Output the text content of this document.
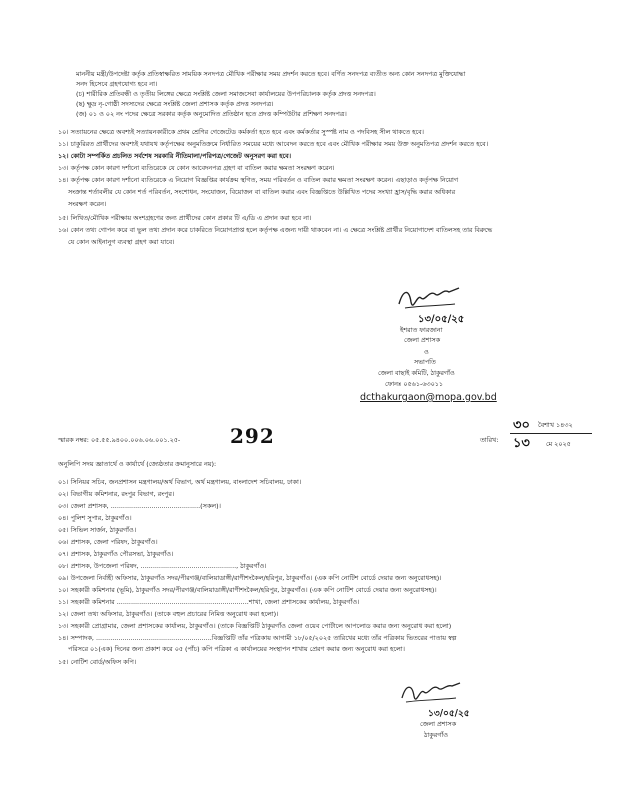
মাননীয় মন্ত্রী/উপদেষ্টা কর্তৃক প্রতিস্বাক্ষরিত সাময়িক সনদপত্র মৌখিক পরীক্ষার সময় প্রদর্শন করতে হবে। বর্ণিত সনদপত্র ব্যতীত অন্য কোন সনদপত্র মুক্তিযোদ্ধা
সনদ হিসেবে গ্রহণযোগ্য হবে না।
(চ) শারীরিক প্রতিবন্ধী ও তৃতীয় লিঙ্গের ক্ষেত্রে সংশ্লিষ্ট জেলা সমাজসেবা কার্যালয়ের উপপরিচালক কর্তৃক প্রদত্ত সনদপত্র।
(ছ) ক্ষুদ্র নৃ-গোষ্ঠী সদস্যদের ক্ষেত্রে সংশ্লিষ্ট জেলা প্রশাসক কর্তৃক প্রদত্ত সনদপত্র।
(জ) ০১ ও ০২ নং পদের ক্ষেত্রে সরকার কর্তৃক অনুমোদিত প্রতিষ্ঠান হতে প্রদত্ত কম্পিউটার প্রশিক্ষণ সনদপত্র।
১০। সত্যায়নের ক্ষেত্রে অবশ্যই সত্যায়নকারীকে প্রথম শ্রেণির গেজেটেড কর্মকর্তা হতে হবে এবং কর্মকর্তার সুস্পষ্ট নাম ও পদবিসহ সীল থাকতে হবে।
১১। চাকুরিরত প্রার্থীদের অবশ্যই যথাযথ কর্তৃপক্ষের অনুমতিক্রমে নির্ধারিত সময়ের মধ্যে আবেদন করতে হবে এবং মৌখিক পরীক্ষার সময় উক্ত অনুমতিপত্র প্রদর্শন করতে হবে।
১২। কোটা সম্পর্কিত প্রচলিত সর্বশেষ সরকারি নীতিমালা/পরিপত্র/গেজেট অনুসরণ করা হবে।
১৩। কর্তৃপক্ষ কোন কারণ দর্শানো ব্যতিরেকে যে কোন আবেদনপত্র গ্রহণ বা বাতিল করার ক্ষমতা সংরক্ষণ করেন।
১৪। কর্তৃপক্ষ কোন কারণ দর্শানো ব্যতিরেকে এ নিয়োগ বিজ্ঞপ্তির কার্যক্রম স্থগিত, সময় পরিবর্তন ও বাতিল করার ক্ষমতা সংরক্ষণ করেন। এছাড়াও কর্তৃপক্ষ নিয়োগ
সংক্রান্ত শর্তাবলীর যে কোন শর্ত পরিবর্তন, সংশোধন, সংযোজন, বিয়োজন বা বাতিল করার এবং বিজ্ঞপ্তিতে উল্লিখিত পদের সংখ্যা হ্রাস/বৃদ্ধি করার অধিকার
সংরক্ষণ করেন।
১৫। লিখিত/মৌখিক পরীক্ষায় অংশগ্রহণের জন্য প্রার্থীদের কোন প্রকার টি এ/ডি এ প্রদান করা হবে না।
১৬। কোন তথ্য গোপন করে বা ভুল তথ্য প্রদান করে চাকরিতে নিয়োগপ্রাপ্ত হলে কর্তৃপক্ষ এজন্য দায়ী থাকবেন না। এ ক্ষেত্রে সংশ্লিষ্ট প্রার্থীর নিয়োগাদেশ বাতিলসহ তার বিরুদ্ধে
যে কোন আইনানুগ ব্যবস্থা গ্রহণ করা যাবে।
১৩/০৫/২৫
ইশরাত ফারজানা
জেলা প্রশাসক
ও
সভাপতি
জেলা বাছাই কমিটি, ঠাকুরগাঁও
ফোনঃ ০৫৬১-৬৩০১১
dcthakurgaon@mopa.gov.bd
স্মারক নম্বর: ০৫.৫৫.৯৪০০.০০৬.০৬.০০১.২৫- 292	তারিখ:
৩০ বৈশাখ ১৪৩২
১৩	মে ২০২৫
অনুলিপি সদয় জ্ঞাতার্থে ও কার্যার্থে (জ্যেষ্ঠতার ক্রমানুসারে নয়):
০১। সিনিয়র সচিব, জনপ্রশাসন মন্ত্রণালয়/অর্থ বিভাগ, অর্থ মন্ত্রণালয়, বাংলাদেশ সচিবালয়, ঢাকা।
০২। বিভাগীয় কমিশনার, রংপুর বিভাগ, রংপুর।
০৩। জেলা প্রশাসক, ............................................(সকল)।
০৪। পুলিশ সুপার, ঠাকুরগাঁও।
০৫। সিভিল সার্জন, ঠাকুরগাঁও।
০৬। প্রশাসক, জেলা পরিষদ, ঠাকুরগাঁও।
০৭। প্রশাসক, ঠাকুরগাঁও পৌরসভা, ঠাকুরগাঁও।
০৮। প্রশাসক, উপজেলা পরিষদ, ..............................................., ঠাকুরগাঁও।
০৯। উপজেলা নির্বাহী অফিসার, ঠাকুরগাঁও সদর/পীরগঞ্জ/বালিয়াডাঙ্গী/রাণীশংকৈল/হরিপুর, ঠাকুরগাঁও। (এক কপি নোটিশ বোর্ডে দেয়ার জন্য অনুরোধসহ)।
১০। সহকারী কমিশনার (ভূমি), ঠাকুরগাঁও সদর/পীরগঞ্জ/বালিয়াডাঙ্গী/রাণীশংকৈল/হরিপুর, ঠাকুরগাঁও। (এক কপি নোটিশ বোর্ডে দেয়ার জন্য অনুরোধসহ)।
১১। সহকারী কমিশনার .................................................................শাখা, জেলা প্রশাসকের কার্যালয়, ঠাকুরগাঁও।
১২। জেলা তথ্য অফিসার, ঠাকুরগাঁও। (তাকে বহুল প্রচারের নিমিত্ত অনুরোধ করা হলো)।
১৩। সহকারী প্রোগ্রামার, জেলা প্রশাসকের কার্যালয়, ঠাকুরগাঁও। (তাকে বিজ্ঞপ্তিটি ঠাকুরগাঁও জেলা ওয়েব পোর্টালে আপলোড করার জন্য অনুরোধ করা হলো)
১৪। সম্পাদক, .........................................................বিজ্ঞপ্তিটি তাঁর পত্রিকায় আগামী ১৮/০৫/২০২৫ তারিখের মধ্যে তাঁর পত্রিকায় ভিতরের পাতায় স্বল্প
পরিসরে ০১(এক) দিনের জন্য প্রকাশ করে ০৫ (পাঁচ) কপি পত্রিকা এ কার্যালয়ের সংস্থাপন শাখায় প্রেরণ করার জন্য অনুরোধ করা হলো।
১৫। নোটিশ বোর্ড/অফিস কপি।
১৩/০৫/২৫
জেলা প্রশাসক
ঠাকুরগাঁও
